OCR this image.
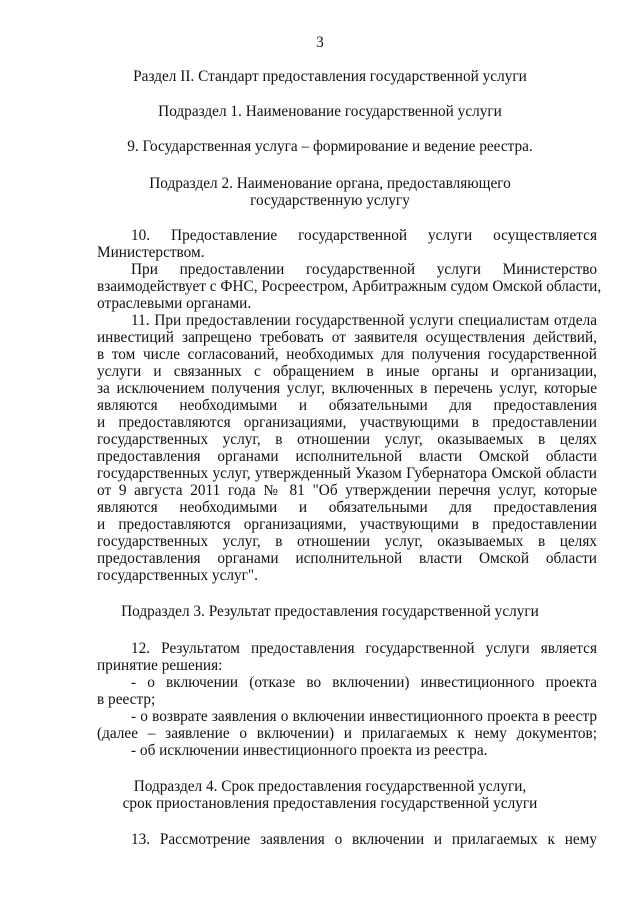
3
Раздел II. Стандарт предоставления государственной услуги
Подраздел 1. Наименование государственной услуги
9. Государственная услуга – формирование и ведение реестра.
Подраздел 2. Наименование органа, предоставляющего
государственную услугу
10. Предоставление государственной услуги осуществляется
Министерством.
При предоставлении государственной услуги Министерство
взаимодействует с ФНС, Росреестром, Арбитражным судом Омской области,
отраслевыми органами.
11. При предоставлении государственной услуги специалистам отдела
инвестиций запрещено требовать от заявителя осуществления действий,
в том числе согласований, необходимых для получения государственной
услуги и связанных с обращением в иные органы и организации,
за исключением получения услуг, включенных в перечень услуг, которые
являются необходимыми и обязательными для предоставления
и предоставляются организациями, участвующими в предоставлении
государственных услуг, в отношении услуг, оказываемых в целях
предоставления органами исполнительной власти Омской области
государственных услуг, утвержденный Указом Губернатора Омской области
от 9 августа 2011 года № 81 "Об утверждении перечня услуг, которые
являются необходимыми и обязательными для предоставления
и предоставляются организациями, участвующими в предоставлении
государственных услуг, в отношении услуг, оказываемых в целях
предоставления органами исполнительной власти Омской области
государственных услуг".
Подраздел 3. Результат предоставления государственной услуги
12. Результатом предоставления государственной услуги является
принятие решения:
- о включении (отказе во включении) инвестиционного проекта
в реестр;
- о возврате заявления о включении инвестиционного проекта в реестр
(далее – заявление о включении) и прилагаемых к нему документов;
- об исключении инвестиционного проекта из реестра.
Подраздел 4. Срок предоставления государственной услуги,
срок приостановления предоставления государственной услуги
13. Рассмотрение заявления о включении и прилагаемых к нему
